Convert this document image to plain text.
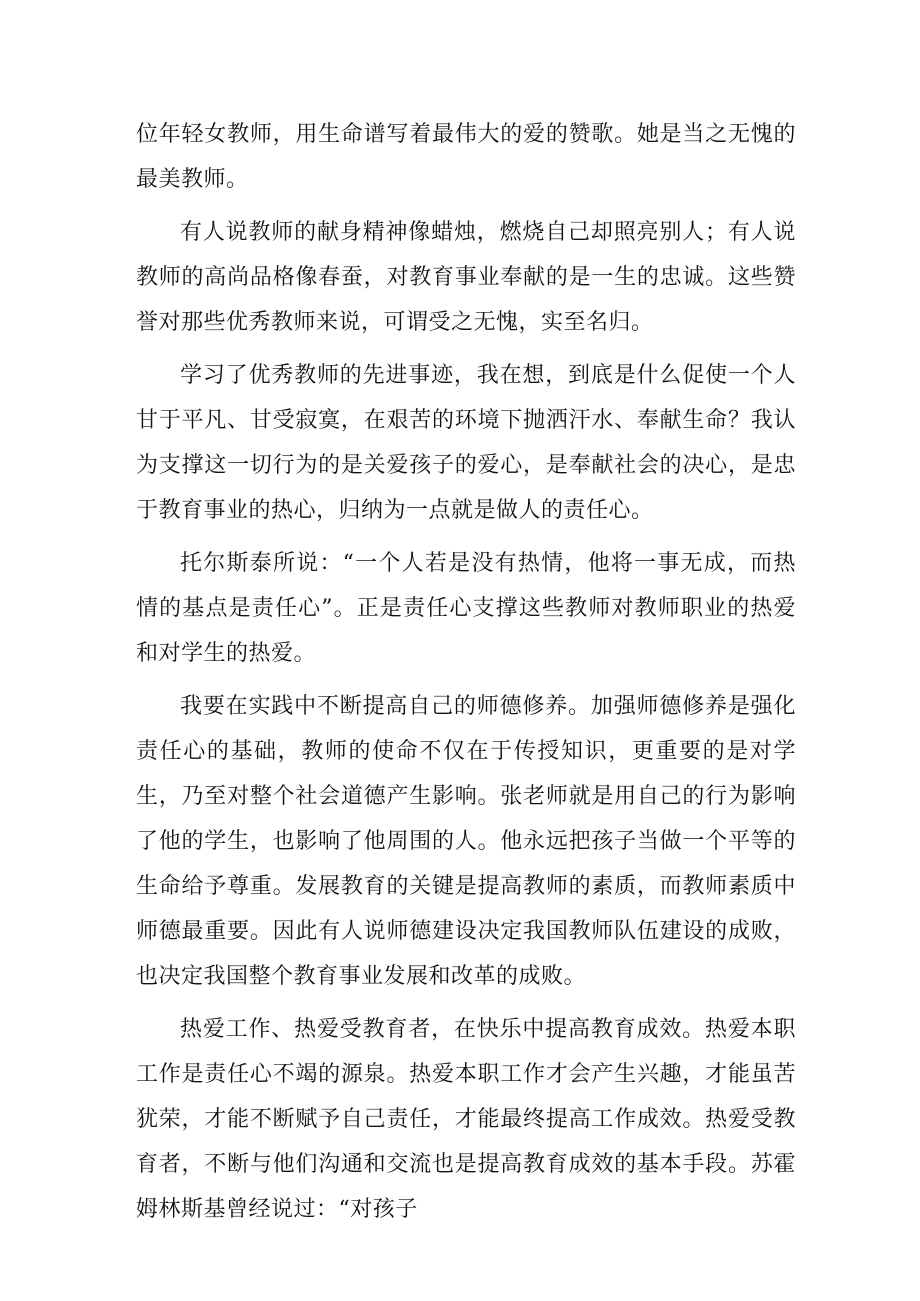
位年轻女教师，用生命谱写着最伟大的爱的赞歌。她是当之无愧的最美教师。

有人说教师的献身精神像蜡烛，燃烧自己却照亮别人；有人说教师的高尚品格像春蚕，对教育事业奉献的是一生的忠诚。这些赞誉对那些优秀教师来说，可谓受之无愧，实至名归。

学习了优秀教师的先进事迹，我在想，到底是什么促使一个人甘于平凡、甘受寂寞，在艰苦的环境下抛洒汗水、奉献生命？我认为支撑这一切行为的是关爱孩子的爱心，是奉献社会的决心，是忠于教育事业的热心，归纳为一点就是做人的责任心。

托尔斯泰所说：“一个人若是没有热情，他将一事无成，而热情的基点是责任心”。正是责任心支撑这些教师对教师职业的热爱和对学生的热爱。

我要在实践中不断提高自己的师德修养。加强师德修养是强化责任心的基础，教师的使命不仅在于传授知识，更重要的是对学生，乃至对整个社会道德产生影响。张老师就是用自己的行为影响了他的学生，也影响了他周围的人。他永远把孩子当做一个平等的生命给予尊重。发展教育的关键是提高教师的素质，而教师素质中师德最重要。因此有人说师德建设决定我国教师队伍建设的成败，也决定我国整个教育事业发展和改革的成败。

热爱工作、热爱受教育者，在快乐中提高教育成效。热爱本职工作是责任心不竭的源泉。热爱本职工作才会产生兴趣，才能虽苦犹荣，才能不断赋予自己责任，才能最终提高工作成效。热爱受教育者，不断与他们沟通和交流也是提高教育成效的基本手段。苏霍姆林斯基曾经说过：“对孩子
